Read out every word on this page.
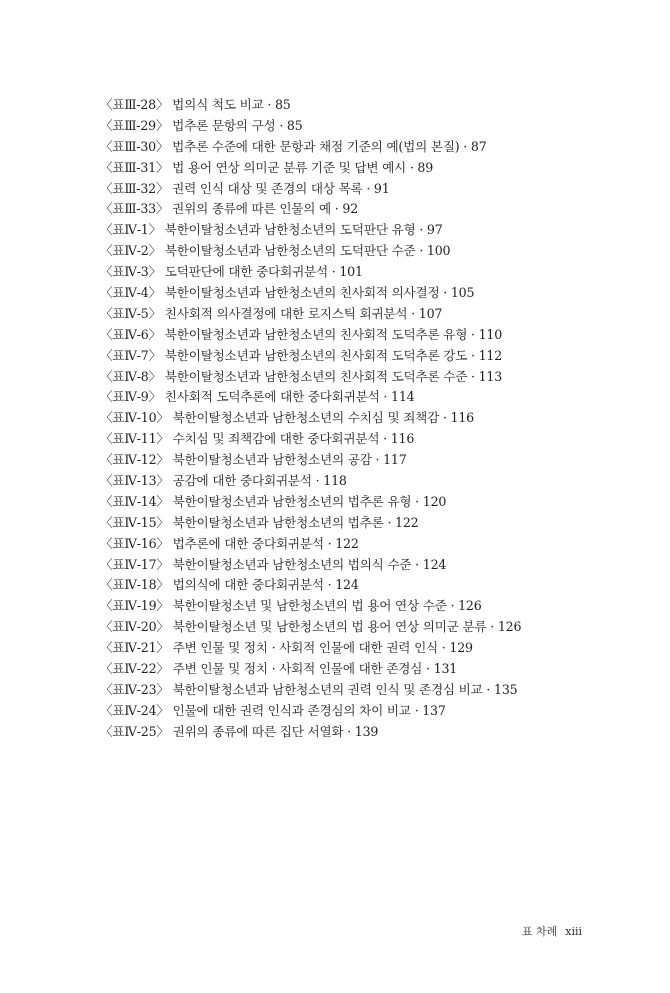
〈표Ⅲ-28〉 법의식 척도 비교 · 85
〈표Ⅲ-29〉 법추론 문항의 구성 · 85
〈표Ⅲ-30〉 법추론 수준에 대한 문항과 채점 기준의 예(법의 본질) · 87
〈표Ⅲ-31〉 법 용어 연상 의미군 분류 기준 및 답변 예시 · 89
〈표Ⅲ-32〉 권력 인식 대상 및 존경의 대상 목록 · 91
〈표Ⅲ-33〉 권위의 종류에 따른 인물의 예 · 92
〈표Ⅳ-1〉 북한이탈청소년과 남한청소년의 도덕판단 유형 · 97
〈표Ⅳ-2〉 북한이탈청소년과 남한청소년의 도덕판단 수준 · 100
〈표Ⅳ-3〉 도덕판단에 대한 중다회귀분석 · 101
〈표Ⅳ-4〉 북한이탈청소년과 남한청소년의 친사회적 의사결정 · 105
〈표Ⅳ-5〉 친사회적 의사결정에 대한 로지스틱 회귀분석 · 107
〈표Ⅳ-6〉 북한이탈청소년과 남한청소년의 친사회적 도덕추론 유형 · 110
〈표Ⅳ-7〉 북한이탈청소년과 남한청소년의 친사회적 도덕추론 강도 · 112
〈표Ⅳ-8〉 북한이탈청소년과 남한청소년의 친사회적 도덕추론 수준 · 113
〈표Ⅳ-9〉 친사회적 도덕추론에 대한 중다회귀분석 · 114
〈표Ⅳ-10〉 북한이탈청소년과 남한청소년의 수치심 및 죄책감 · 116
〈표Ⅳ-11〉 수치심 및 죄책감에 대한 중다회귀분석 · 116
〈표Ⅳ-12〉 북한이탈청소년과 남한청소년의 공감 · 117
〈표Ⅳ-13〉 공감에 대한 중다회귀분석 · 118
〈표Ⅳ-14〉 북한이탈청소년과 남한청소년의 법추론 유형 · 120
〈표Ⅳ-15〉 북한이탈청소년과 남한청소년의 법추론 · 122
〈표Ⅳ-16〉 법추론에 대한 중다회귀분석 · 122
〈표Ⅳ-17〉 북한이탈청소년과 남한청소년의 법의식 수준 · 124
〈표Ⅳ-18〉 법의식에 대한 중다회귀분석 · 124
〈표Ⅳ-19〉 북한이탈청소년 및 남한청소년의 법 용어 연상 수준 · 126
〈표Ⅳ-20〉 북한이탈청소년 및 남한청소년의 법 용어 연상 의미군 분류 · 126
〈표Ⅳ-21〉 주변 인물 및 정치 · 사회적 인물에 대한 권력 인식 · 129
〈표Ⅳ-22〉 주변 인물 및 정치 · 사회적 인물에 대한 존경심 · 131
〈표Ⅳ-23〉 북한이탈청소년과 남한청소년의 권력 인식 및 존경심 비교 · 135
〈표Ⅳ-24〉 인물에 대한 권력 인식과 존경심의 차이 비교 · 137
〈표Ⅳ-25〉 권위의 종류에 따른 집단 서열화 · 139
표 차례 xiii
